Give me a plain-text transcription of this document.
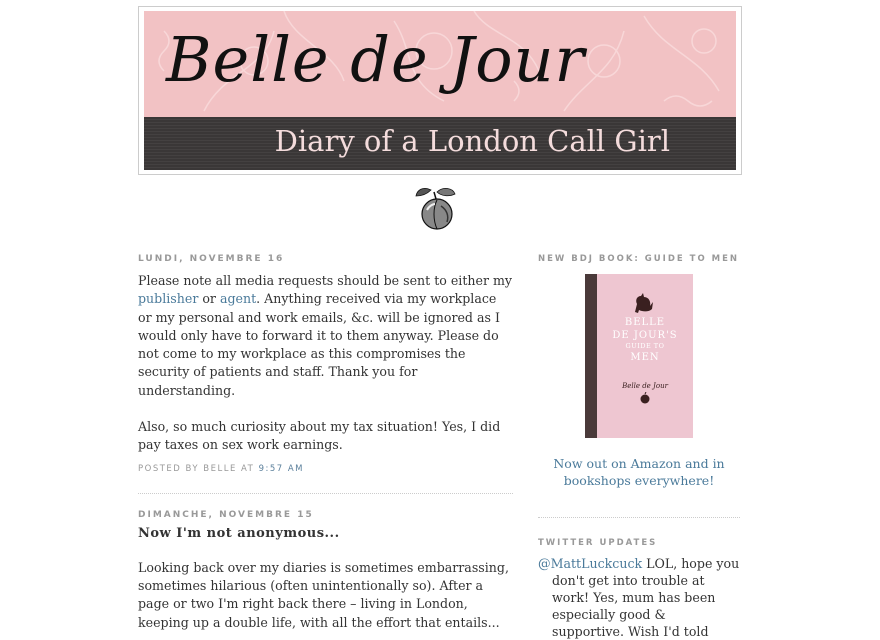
Belle de Jour
Diary of a London Call Girl
LUNDI, NOVEMBRE 16

Please note all media requests should be sent to either my publisher or agent. Anything received via my workplace or my personal and work emails, &c. will be ignored as I would only have to forward it to them anyway. Please do not come to my workplace as this compromises the security of patients and staff. Thank you for understanding.

Also, so much curiosity about my tax situation! Yes, I did pay taxes on sex work earnings.

POSTED BY BELLE AT 9:57 AM
DIMANCHE, NOVEMBRE 15
Now I'm not anonymous...

Looking back over my diaries is sometimes embarrassing, sometimes hilarious (often unintentionally so). After a page or two I'm right back there – living in London, keeping up a double life, with all the effort that entails...

NEW BDJ BOOK: GUIDE TO MEN
BELLE
DE JOUR'S
GUIDE TO
MEN
Belle de Jour
Now out on Amazon and in bookshops everywhere!
TWITTER UPDATES
@MattLuckcuck LOL, hope you don't get into trouble at work! Yes, mum has been especially good & supportive. Wish I'd told
